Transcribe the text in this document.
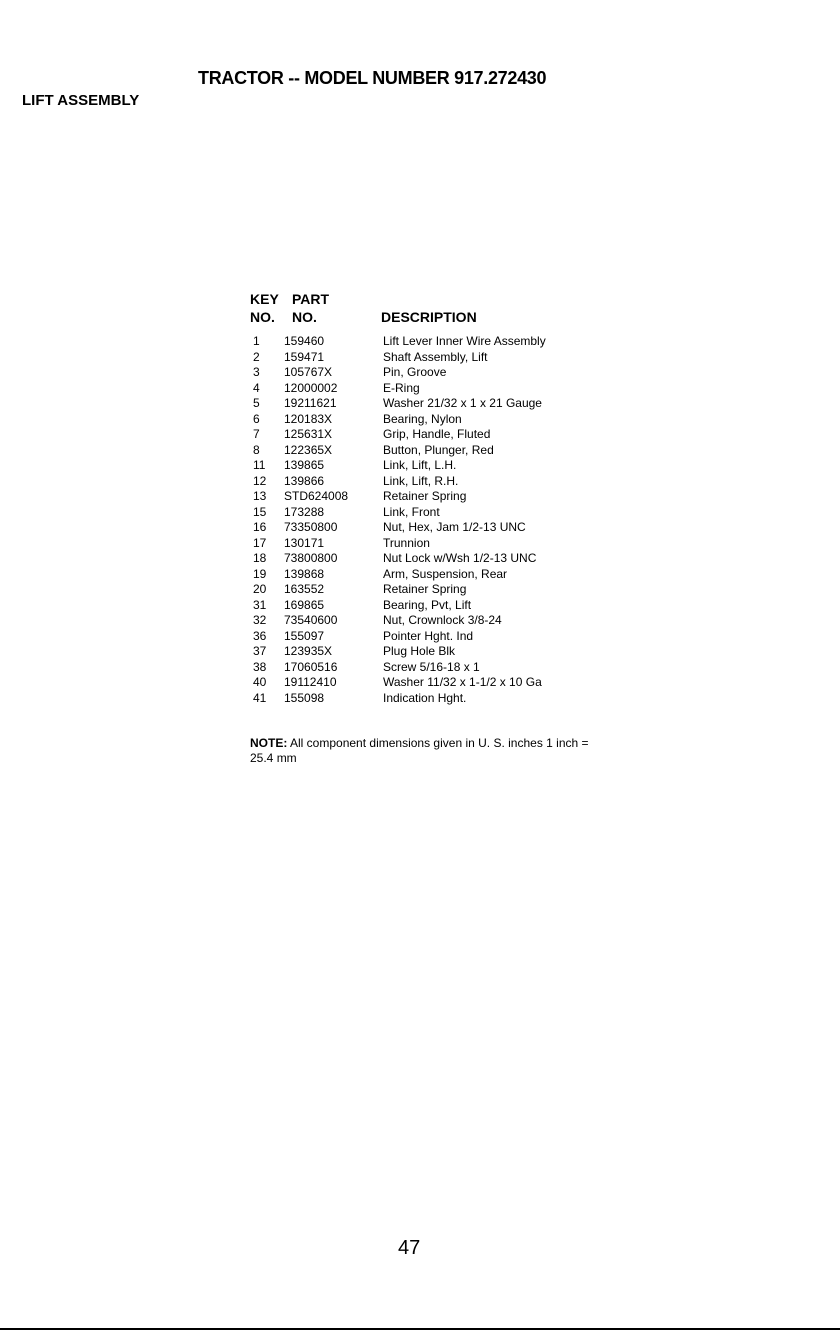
TRACTOR -- MODEL NUMBER 917.272430
LIFT ASSEMBLY
KEY
NO.
PART
NO.	DESCRIPTION
1 159460	Lift Lever Inner Wire Assembly
2 159471	Shaft Assembly, Lift
3 105767X	Pin, Groove
4 12000002	E-Ring
5 19211621	Washer 21/32 x 1 x 21 Gauge
6 120183X	Bearing, Nylon
7 125631X	Grip, Handle, Fluted
8 122365X	Button, Plunger, Red
11 139865	Link, Lift, L.H.
12 139866	Link, Lift, R.H.
13 STD624008	Retainer Spring
15 173288	Link, Front
16 73350800	Nut, Hex, Jam 1/2-13 UNC
17 130171	Trunnion
18 73800800	Nut Lock w/Wsh 1/2-13 UNC
19 139868	Arm, Suspension, Rear
20 163552	Retainer Spring
31 169865	Bearing, Pvt, Lift
32 73540600	Nut, Crownlock 3/8-24
36 155097	Pointer Hght. Ind
37 123935X	Plug Hole Blk
38 17060516	Screw 5/16-18 x 1
40 19112410	Washer 11/32 x 1-1/2 x 10 Ga
41 155098	Indication Hght.
NOTE: All component dimensions given in U. S. inches 1 inch = 25.4 mm
47
